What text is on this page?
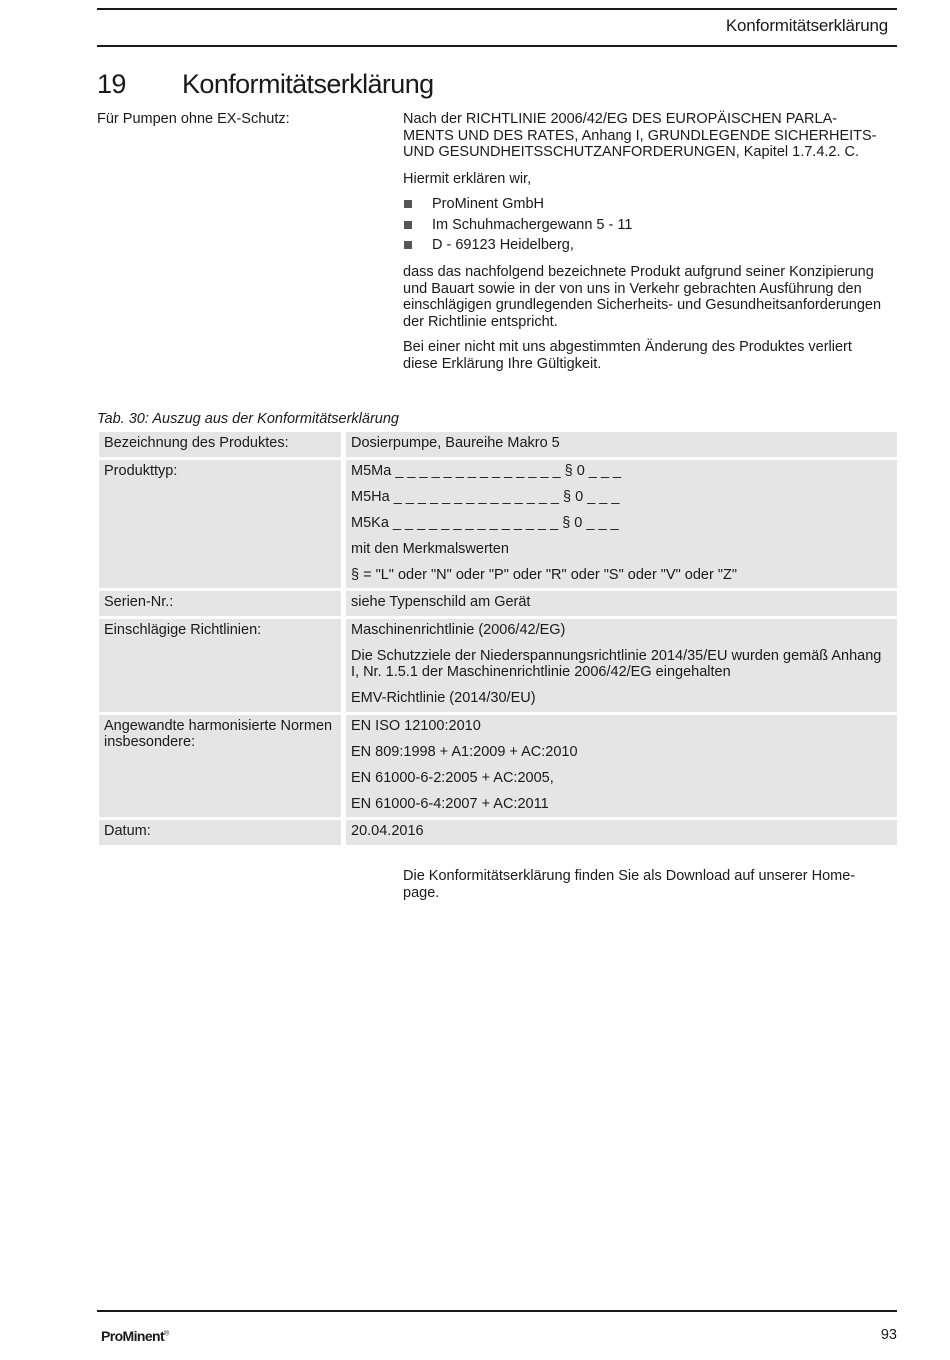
Konformitätserklärung
19 Konformitätserklärung
Für Pumpen ohne EX-Schutz:	Nach der RICHTLINIE 2006/42/EG DES EUROPÄISCHEN PARLA-
MENTS UND DES RATES, Anhang I, GRUNDLEGENDE SICHERHEITS-
UND GESUNDHEITSSCHUTZANFORDERUNGEN, Kapitel 1.7.4.2. C.
Hiermit erklären wir,
ProMinent GmbH
Im Schuhmachergewann 5 - 11
D - 69123 Heidelberg,
dass das nachfolgend bezeichnete Produkt aufgrund seiner Konzipierung
und Bauart sowie in der von uns in Verkehr gebrachten Ausführung den
einschlägigen grundlegenden Sicherheits- und Gesundheitsanforderungen
der Richtlinie entspricht.
Bei einer nicht mit uns abgestimmten Änderung des Produktes verliert
diese Erklärung Ihre Gültigkeit.
Tab. 30: Auszug aus der Konformitätserklärung
Bezeichnung des Produktes:	Dosierpumpe, Baureihe Makro 5
Produkttyp:	M5Ma _ _ _ _ _ _ _ _ _ _ _ _ _ _ § 0 _ _ _
M5Ha _ _ _ _ _ _ _ _ _ _ _ _ _ _ § 0 _ _ _
M5Ka _ _ _ _ _ _ _ _ _ _ _ _ _ _ § 0 _ _ _
mit den Merkmalswerten
§ = "L" oder "N" oder "P" oder "R" oder "S" oder "V" oder "Z"
Serien-Nr.:	siehe Typenschild am Gerät
Einschlägige Richtlinien:	Maschinenrichtlinie (2006/42/EG)
Die Schutzziele der Niederspannungsrichtlinie 2014/35/EU wurden gemäß Anhang I, Nr. 1.5.1 der Maschinenrichtlinie 2006/42/EG eingehalten
EMV-Richtlinie (2014/30/EU)
Angewandte harmonisierte Normen insbesondere:
EN ISO 12100:2010
EN 809:1998 + A1:2009 + AC:2010
EN 61000-6-2:2005 + AC:2005,
EN 61000-6-4:2007 + AC:2011
Datum:	20.04.2016
Die Konformitätserklärung finden Sie als Download auf unserer Home-
page.
ProMinent®	93
